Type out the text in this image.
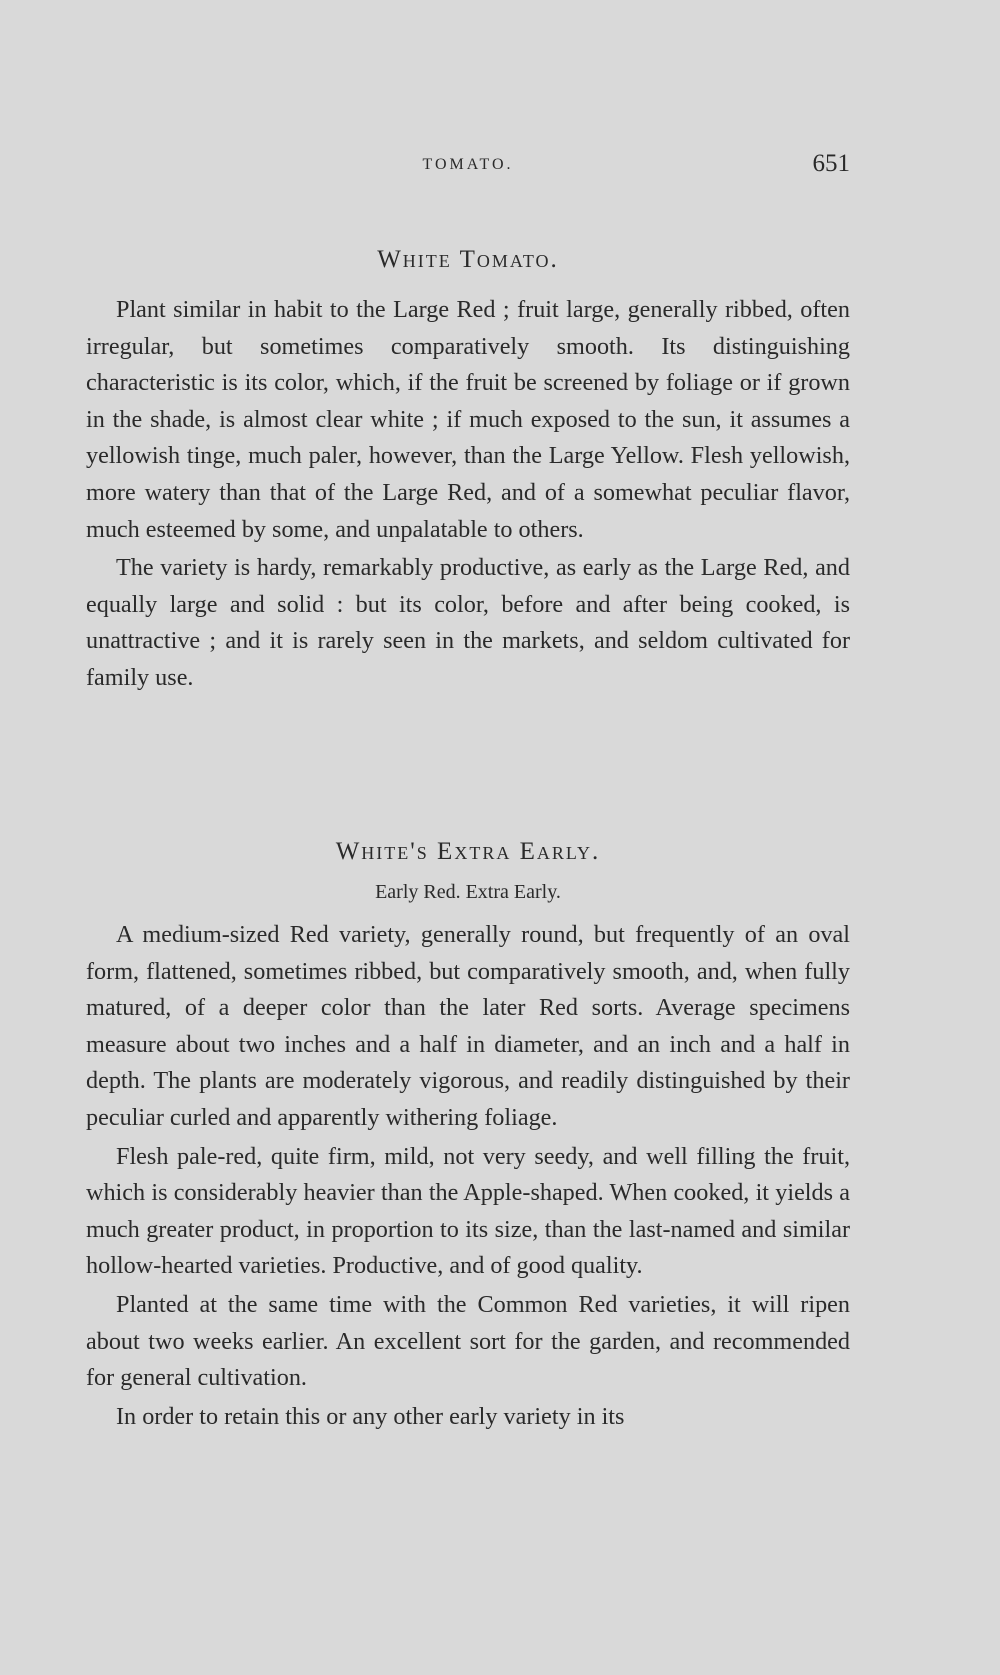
TOMATO.	651
White Tomato.

Plant similar in habit to the Large Red ; fruit large, generally ribbed, often irregular, but sometimes comparatively smooth. Its distinguishing characteristic is its color, which, if the fruit be screened by foliage or if grown in the shade, is almost clear white ; if much exposed to the sun, it assumes a yellowish tinge, much paler, however, than the Large Yellow. Flesh yellowish, more watery than that of the Large Red, and of a somewhat peculiar flavor, much esteemed by some, and unpalatable to others.

The variety is hardy, remarkably productive, as early as the Large Red, and equally large and solid : but its color, before and after being cooked, is unattractive ; and it is rarely seen in the markets, and seldom cultivated for family use.

White's Extra Early.
Early Red. Extra Early.

A medium-sized Red variety, generally round, but frequently of an oval form, flattened, sometimes ribbed, but comparatively smooth, and, when fully matured, of a deeper color than the later Red sorts. Average specimens measure about two inches and a half in diameter, and an inch and a half in depth. The plants are moderately vigorous, and readily distinguished by their peculiar curled and apparently withering foliage.

Flesh pale-red, quite firm, mild, not very seedy, and well filling the fruit, which is considerably heavier than the Apple-shaped. When cooked, it yields a much greater product, in proportion to its size, than the last-named and similar hollow-hearted varieties. Productive, and of good quality.

Planted at the same time with the Common Red varieties, it will ripen about two weeks earlier. An excellent sort for the garden, and recommended for general cultivation.

In order to retain this or any other early variety in its
